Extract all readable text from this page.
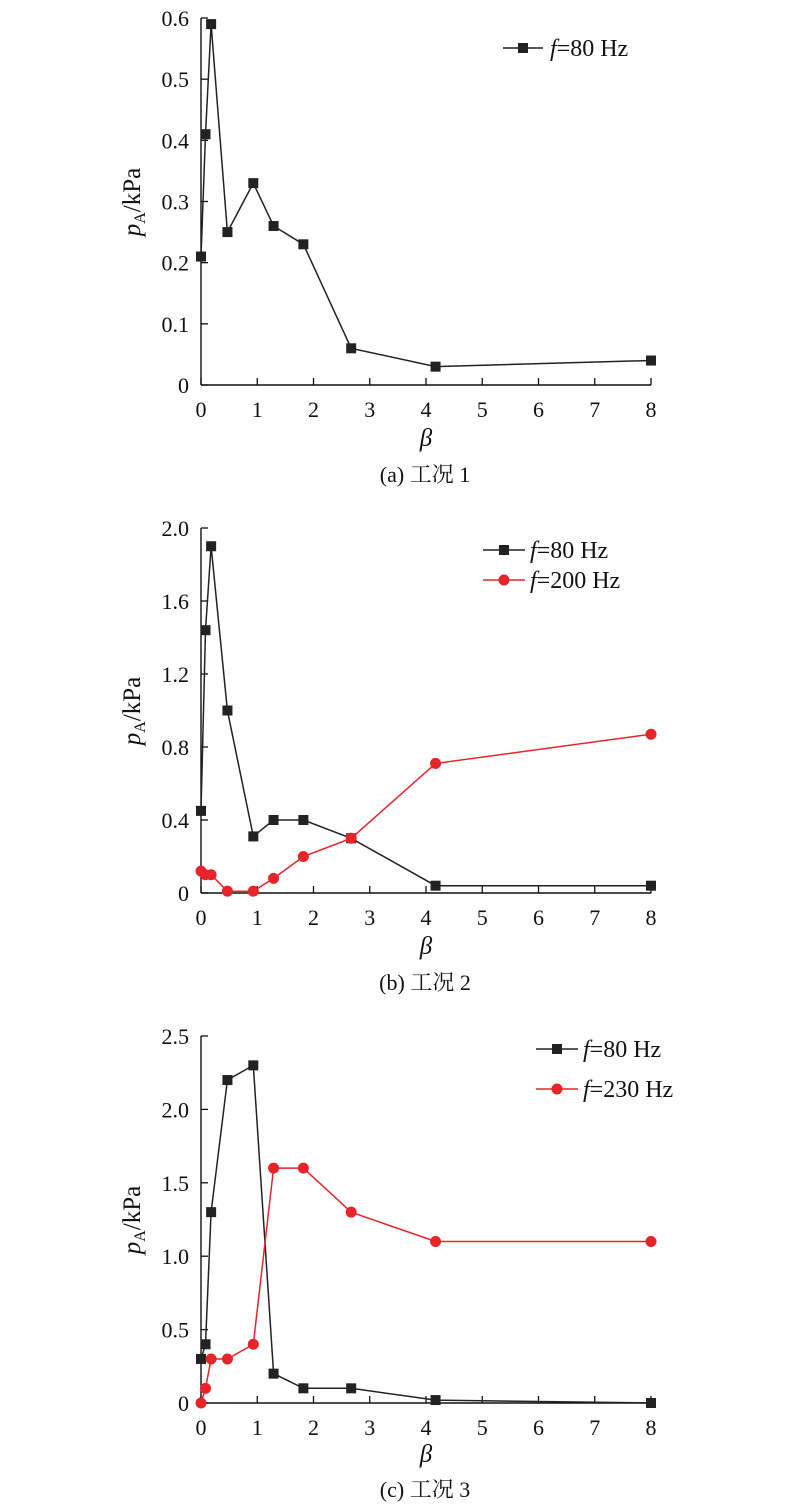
0 1 2 3 4 5 6 7 8
0
0.1
0.2
0.3
0.4
0.5
0.6
β
$p_A$/kPa
f=80 Hz
(a) 工况 1
0 1 2 3 4 5 6 7 8
0
0.4
0.8
1.2
1.6
2.0
β
$p_A$/kPa
f=80 Hz
f=200 Hz
(b) 工况 2
0 1 2 3 4 5 6 7 8
0
0.5
1.0
1.5
2.0
2.5
β
$p_A$/kPa
f=80 Hz
f=230 Hz
(c) 工况 3
